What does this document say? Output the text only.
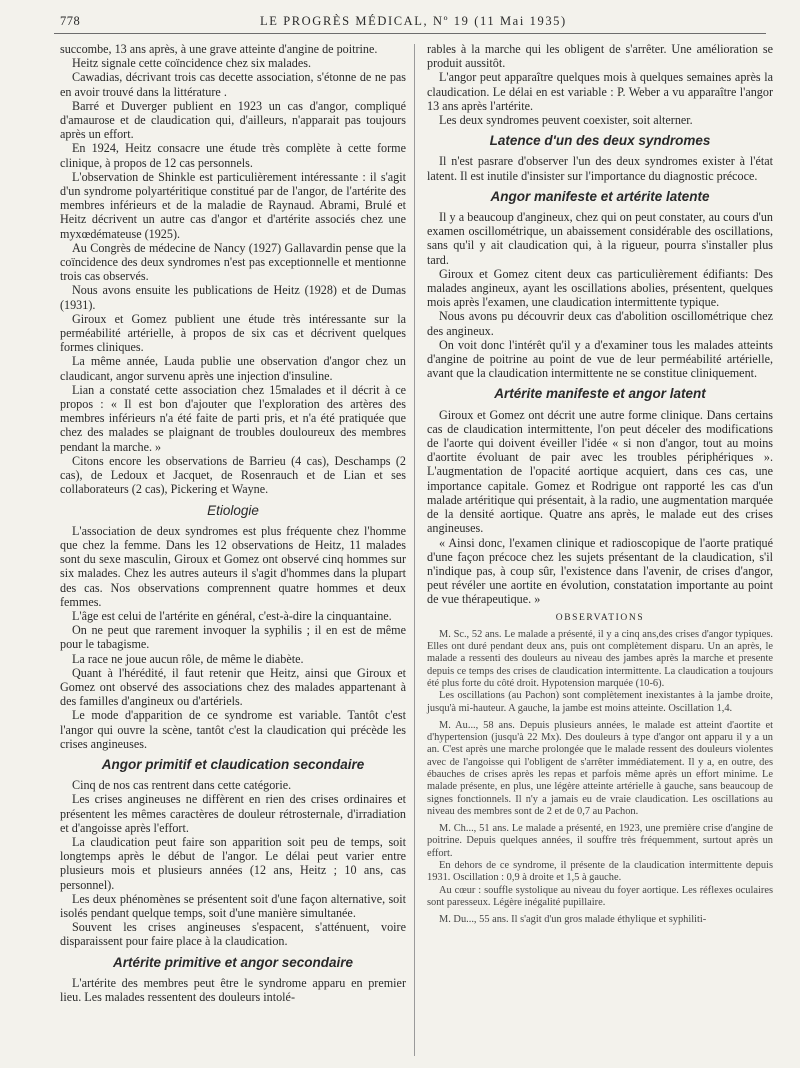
778	LE PROGRÈS MÉDICAL, Nº 19 (11 Mai 1935)

succombe, 13 ans après, à une grave atteinte d'angine de poitrine.

Heitz signale cette coïncidence chez six malades.

Cawadias, décrivant trois cas decette association, s'étonne de ne pas en avoir trouvé dans la littérature .

Barré et Duverger publient en 1923 un cas d'angor, compliqué d'amaurose et de claudication qui, d'ailleurs, n'apparait pas toujours après un effort.

En 1924, Heitz consacre une étude très complète à cette forme clinique, à propos de 12 cas personnels.

L'observation de Shinkle est particulièrement intéressante : il s'agit d'un syndrome polyartéritique constitué par de l'angor, de l'artérite des membres inférieurs et de la maladie de Raynaud. Abrami, Brulé et Heitz décrivent un autre cas d'angor et d'artérite associés chez une myxœdémateuse (1925).

Au Congrès de médecine de Nancy (1927) Gallavardin pense que la coïncidence des deux syndromes n'est pas exceptionnelle et mentionne trois cas observés.

Nous avons ensuite les publications de Heitz (1928) et de Dumas (1931).

Giroux et Gomez publient une étude très intéressante sur la perméabilité artérielle, à propos de six cas et décrivent quelques formes cliniques.

La même année, Lauda publie une observation d'angor chez un claudicant, angor survenu après une injection d'insuline.

Lian a constaté cette association chez 15malades et il décrit à ce propos : « Il est bon d'ajouter que l'exploration des artères des membres inférieurs n'a été faite de parti pris, et n'a été pratiquée que chez des malades se plaignant de troubles douloureux des membres pendant la marche. »

Citons encore les observations de Barrieu (4 cas), Deschamps (2 cas), de Ledoux et Jacquet, de Rosenrauch et de Lian et ses collaborateurs (2 cas), Pickering et Wayne.

Etiologie

L'association de deux syndromes est plus fréquente chez l'homme que chez la femme. Dans les 12 observations de Heitz, 11 malades sont du sexe masculin, Giroux et Gomez ont observé cinq hommes sur six malades. Chez les autres auteurs il s'agit d'hommes dans la plupart des cas. Nos observations comprennent quatre hommes et deux femmes.

L'âge est celui de l'artérite en général, c'est-à-dire la cinquantaine.

On ne peut que rarement invoquer la syphilis ; il en est de même pour le tabagisme.

La race ne joue aucun rôle, de même le diabète.

Quant à l'hérédité, il faut retenir que Heitz, ainsi que Giroux et Gomez ont observé des associations chez des malades appartenant à des familles d'angineux ou d'artériels.

Le mode d'apparition de ce syndrome est variable. Tantôt c'est l'angor qui ouvre la scène, tantôt c'est la claudication qui précède les crises angineuses.

Angor primitif et claudication secondaire

Cinq de nos cas rentrent dans cette catégorie.

Les crises angineuses ne diffèrent en rien des crises ordinaires et présentent les mêmes caractères de douleur rétrosternale, d'irradiation et d'angoisse après l'effort.

La claudication peut faire son apparition soit peu de temps, soit longtemps après le début de l'angor. Le délai peut varier entre plusieurs mois et plusieurs années (12 ans, Heitz ; 10 ans, cas personnel).

Les deux phénomènes se présentent soit d'une façon alternative, soit isolés pendant quelque temps, soit d'une manière simultanée.

Souvent les crises angineuses s'espacent, s'atténuent, voire disparaissent pour faire place à la claudication.

Artérite primitive et angor secondaire

L'artérite des membres peut être le syndrome apparu en premier lieu. Les malades ressentent des douleurs intolé-

rables à la marche qui les obligent de s'arrêter. Une amélioration se produit aussitôt.

L'angor peut apparaître quelques mois à quelques semaines après la claudication. Le délai en est variable : P. Weber a vu apparaître l'angor 13 ans après l'artérite.

Les deux syndromes peuvent coexister, soit alterner.

Latence d'un des deux syndromes

Il n'est pasrare d'observer l'un des deux syndromes exister à l'état latent. Il est inutile d'insister sur l'importance du diagnostic précoce.

Angor manifeste et artérite latente

Il y a beaucoup d'angineux, chez qui on peut constater, au cours d'un examen oscillométrique, un abaissement considérable des oscillations, sans qu'il y ait claudication qui, à la rigueur, pourra s'installer plus tard.

Giroux et Gomez citent deux cas particulièrement édifiants: Des malades angineux, ayant les oscillations abolies, présentent, quelques mois après l'examen, une claudication intermittente typique.

Nous avons pu découvrir deux cas d'abolition oscillométrique chez des angineux.

On voit donc l'intérêt qu'il y a d'examiner tous les malades atteints d'angine de poitrine au point de vue de leur perméabilité artérielle, avant que la claudication intermittente ne se constitue cliniquement.

Artérite manifeste et angor latent

Giroux et Gomez ont décrit une autre forme clinique. Dans certains cas de claudication intermittente, l'on peut déceler des modifications de l'aorte qui doivent éveiller l'idée « si non d'angor, tout au moins d'aortite évoluant de pair avec les troubles périphériques ». L'augmentation de l'opacité aortique acquiert, dans ces cas, une importance capitale. Gomez et Rodrigue ont rapporté les cas d'un malade artéritique qui présentait, à la radio, une augmentation marquée de la densité aortique. Quatre ans après, le malade eut des crises angineuses.

« Ainsi donc, l'examen clinique et radioscopique de l'aorte pratiqué d'une façon précoce chez les sujets présentant de la claudication, s'il n'indique pas, à coup sûr, l'existence dans l'avenir, de crises d'angor, peut révéler une aortite en évolution, constatation importante au point de vue thérapeutique. »

OBSERVATIONS

M. Sc., 52 ans. Le malade a présenté, il y a cinq ans,des crises d'angor typiques. Elles ont duré pendant deux ans, puis ont complètement disparu. Un an après, le malade a ressenti des douleurs au niveau des jambes après la marche et presente depuis ce temps des crises de claudication intermittente. La claudication a toujours été plus forte du côté droit. Hypotension marquée (10-6).

Les oscillations (au Pachon) sont complètement inexistantes à la jambe droite, jusqu'à mi-hauteur. A gauche, la jambe est moins atteinte. Oscillation 1,4.

M. Au..., 58 ans. Depuis plusieurs années, le malade est atteint d'aortite et d'hypertension (jusqu'à 22 Mx). Des douleurs à type d'angor ont apparu il y a un an. C'est après une marche prolongée que le malade ressent des douleurs violentes avec de l'angoisse qui l'obligent de s'arrêter immédiatement. Il y a, en outre, des ébauches de crises après les repas et parfois même après un effort minime. Le malade présente, en plus, une légère atteinte artérielle à gauche, sans beaucoup de signes fonctionnels. Il n'y a jamais eu de vraie claudication. Les oscillations au niveau des membres sont de 2 et de 0,7 au Pachon.

M. Ch..., 51 ans. Le malade a présenté, en 1923, une première crise d'angine de poitrine. Depuis quelques années, il souffre très fréquemment, surtout après un effort.

En dehors de ce syndrome, il présente de la claudication intermittente depuis 1931. Oscillation : 0,9 à droite et 1,5 à gauche.

Au cœur : souffle systolique au niveau du foyer aortique. Les réflexes oculaires sont paresseux. Légère inégalité pupillaire.

M. Du..., 55 ans. Il s'agit d'un gros malade éthylique et syphiliti-
